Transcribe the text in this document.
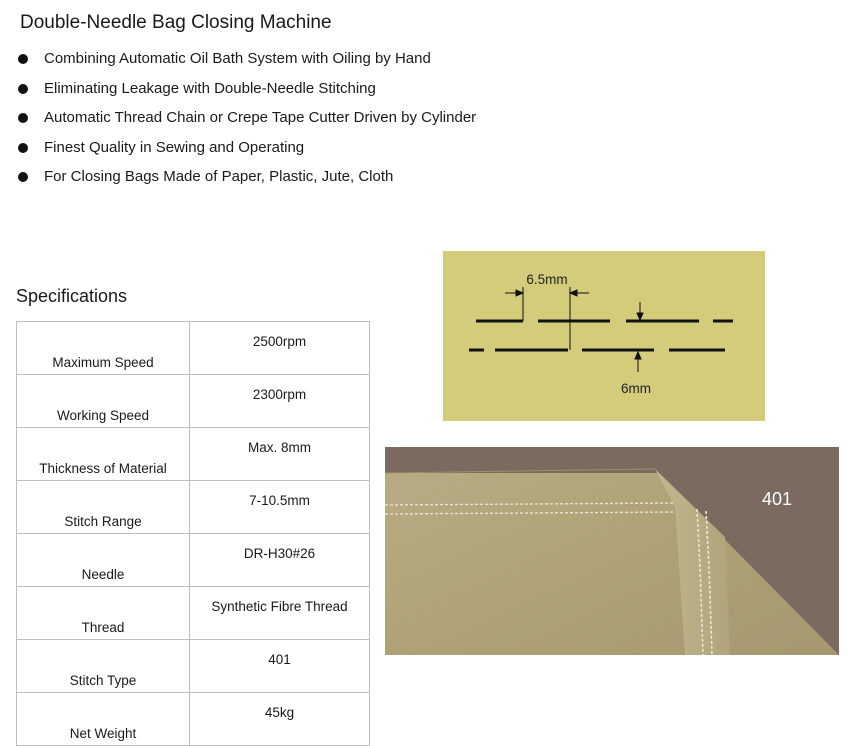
Double-Needle Bag Closing Machine
Combining Automatic Oil Bath System with Oiling by Hand
Eliminating Leakage with Double-Needle Stitching
Automatic Thread Chain or Crepe Tape Cutter Driven by Cylinder
Finest Quality in Sewing and Operating
For Closing Bags Made of Paper, Plastic, Jute, Cloth
Specifications
Maximum Speed	2500rpm
Working Speed	2300rpm
Thickness of Material	Max. 8mm
Stitch Range	7-10.5mm
Needle	DR-H30#26
Thread	Synthetic Fibre Thread
Stitch Type	401
Net Weight	45kg
6.5mm
6mm
401
